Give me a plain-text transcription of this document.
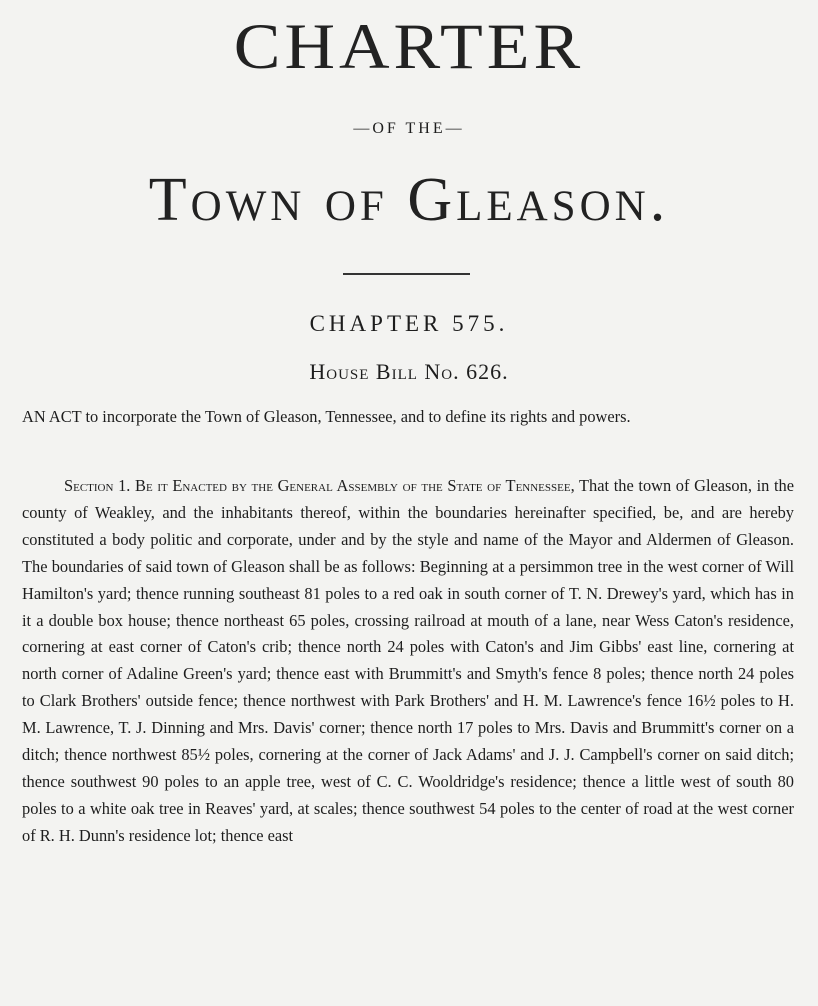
CHARTER
—OF THE—
Town of Gleason.
CHAPTER 575.
House Bill No. 626.
AN ACT to incorporate the Town of Gleason, Tennessee, and to define its rights and powers.

Section 1. Be it Enacted by the General Assembly of the State of Tennessee, That the town of Gleason, in the county of Weakley, and the inhabitants thereof, within the boundaries hereinafter specified, be, and are hereby constituted a body politic and corporate, under and by the style and name of the Mayor and Aldermen of Gleason. The boundaries of said town of Gleason shall be as follows: Beginning at a persimmon tree in the west corner of Will Hamilton's yard; thence running southeast 81 poles to a red oak in south corner of T. N. Drewey's yard, which has in it a double box house; thence northeast 65 poles, crossing railroad at mouth of a lane, near Wess Caton's residence, cornering at east corner of Caton's crib; thence north 24 poles with Caton's and Jim Gibbs' east line, cornering at north corner of Adaline Green's yard; thence east with Brummitt's and Smyth's fence 8 poles; thence north 24 poles to Clark Brothers' outside fence; thence northwest with Park Brothers' and H. M. Lawrence's fence 16½ poles to H. M. Lawrence, T. J. Dinning and Mrs. Davis' corner; thence north 17 poles to Mrs. Davis and Brummitt's corner on a ditch; thence northwest 85½ poles, cornering at the corner of Jack Adams' and J. J. Campbell's corner on said ditch; thence southwest 90 poles to an apple tree, west of C. C. Wooldridge's residence; thence a little west of south 80 poles to a white oak tree in Reaves' yard, at scales; thence southwest 54 poles to the center of road at the west corner of R. H. Dunn's residence lot; thence east
